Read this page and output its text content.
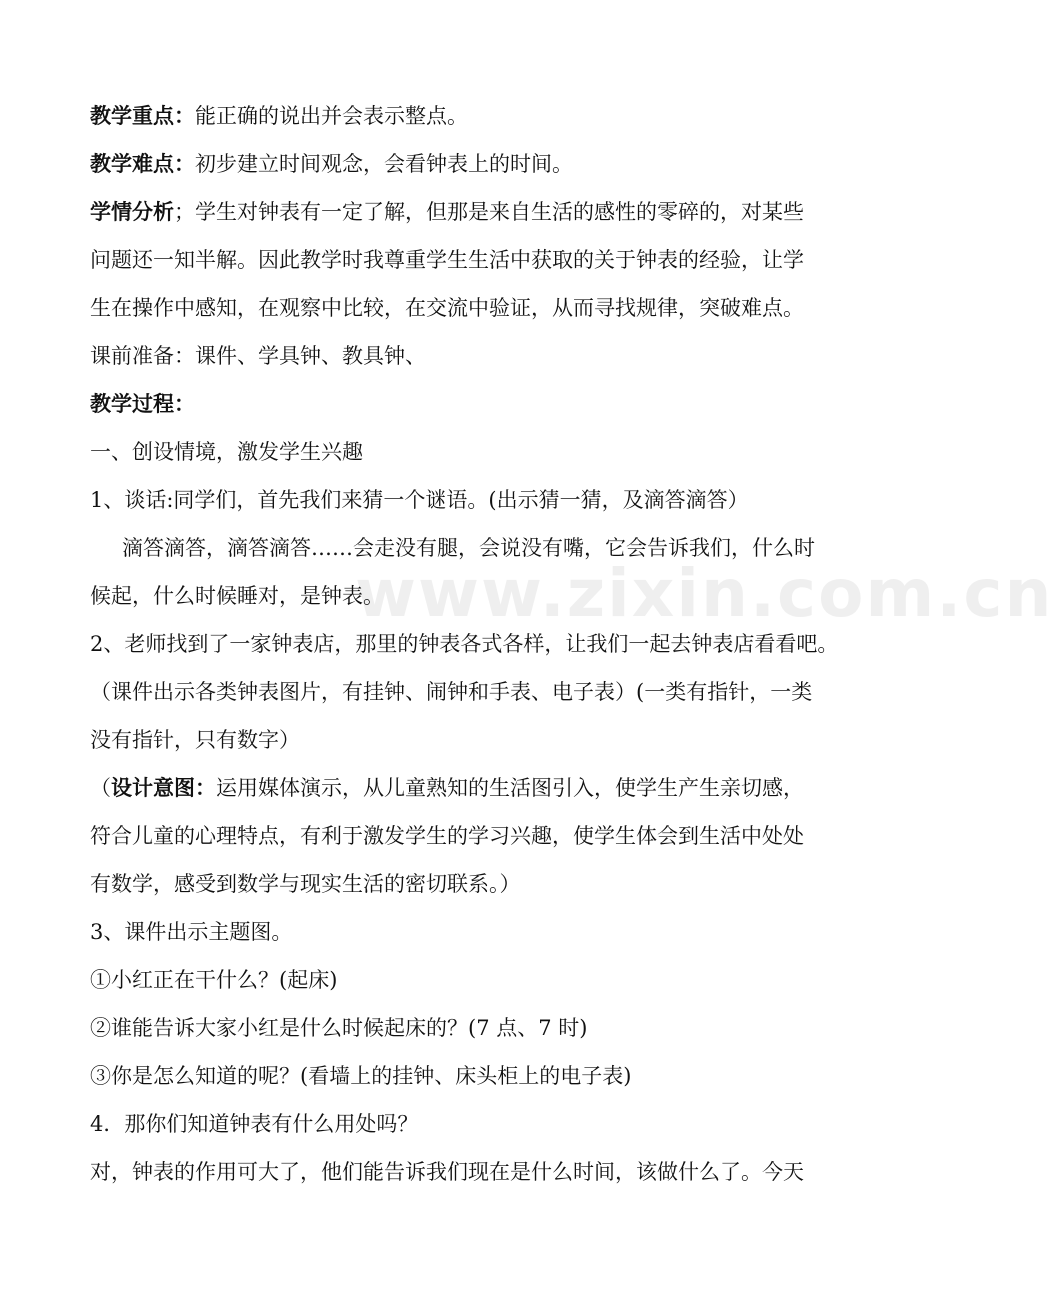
www.zixin.com.cn
教学重点：能正确的说出并会表示整点。
教学难点：初步建立时间观念，会看钟表上的时间。
学情分析；学生对钟表有一定了解，但那是来自生活的感性的零碎的，对某些
问题还一知半解。因此教学时我尊重学生生活中获取的关于钟表的经验，让学
生在操作中感知，在观察中比较，在交流中验证，从而寻找规律，突破难点。
课前准备：课件、学具钟、教具钟、
教学过程：
一、创设情境，激发学生兴趣
1、谈话:同学们，首先我们来猜一个谜语。(出示猜一猜，及滴答滴答）
滴答滴答，滴答滴答……会走没有腿，会说没有嘴，它会告诉我们，什么时
候起，什么时候睡对，是钟表。
2、老师找到了一家钟表店，那里的钟表各式各样，让我们一起去钟表店看看吧。
（课件出示各类钟表图片，有挂钟、闹钟和手表、电子表）(一类有指针，一类
没有指针，只有数字）
（设计意图：运用媒体演示，从儿童熟知的生活图引入，使学生产生亲切感，
符合儿童的心理特点，有利于激发学生的学习兴趣，使学生体会到生活中处处
有数学，感受到数学与现实生活的密切联系。）
3、课件出示主题图。
①小红正在干什么？(起床)
②谁能告诉大家小红是什么时候起床的？(7 点、7 时)
③你是怎么知道的呢？(看墙上的挂钟、床头柜上的电子表)
4．那你们知道钟表有什么用处吗？
对，钟表的作用可大了，他们能告诉我们现在是什么时间，该做什么了。今天
